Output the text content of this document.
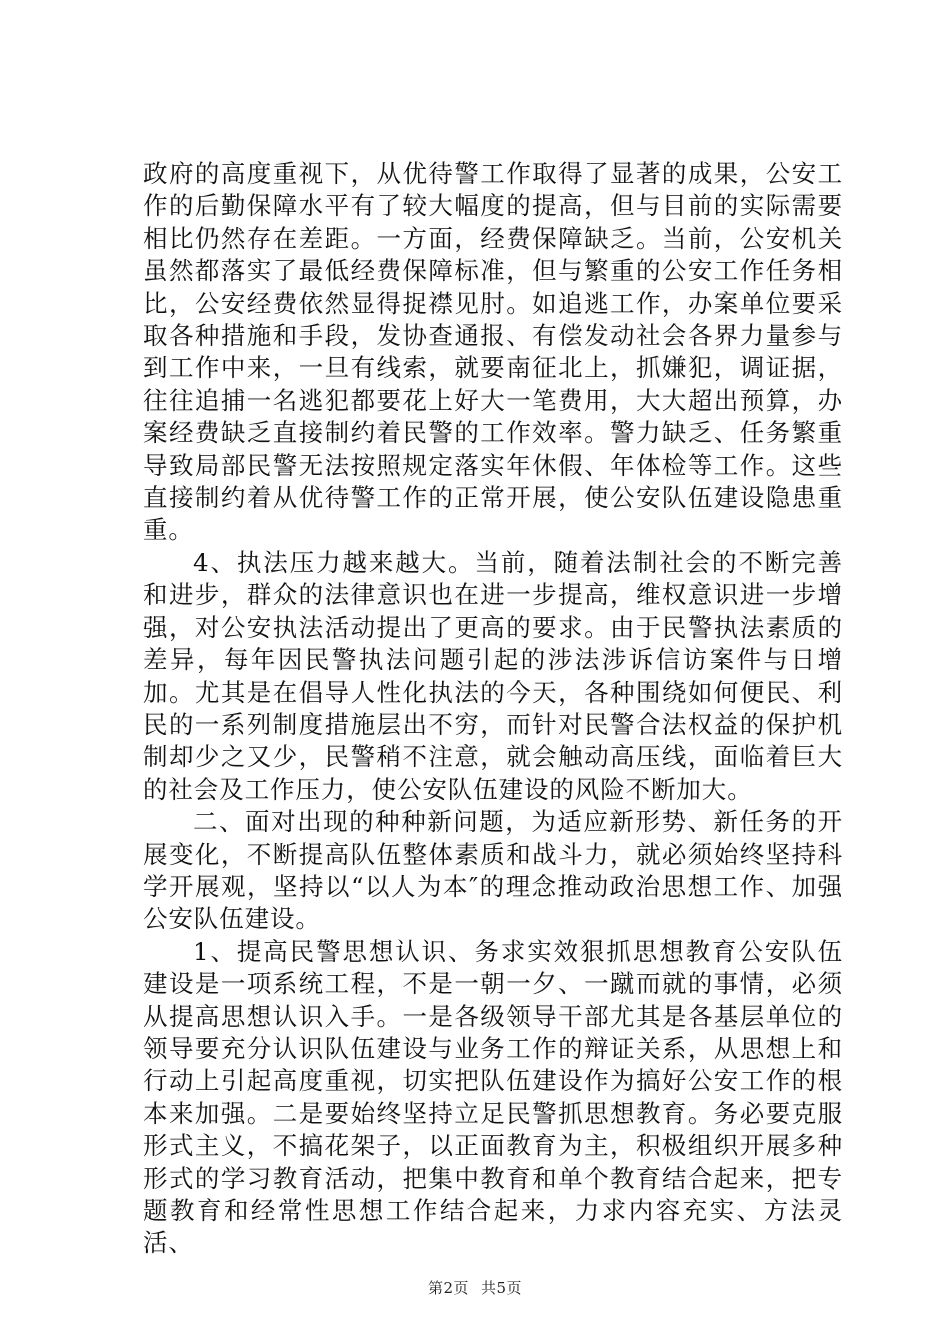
政府的高度重视下，从优待警工作取得了显著的成果，公安工作的后勤保障水平有了较大幅度的提高，但与目前的实际需要相比仍然存在差距。一方面，经费保障缺乏。当前，公安机关虽然都落实了最低经费保障标准，但与繁重的公安工作任务相比，公安经费依然显得捉襟见肘。如追逃工作，办案单位要采取各种措施和手段，发协查通报、有偿发动社会各界力量参与到工作中来，一旦有线索，就要南征北上，抓嫌犯，调证据，往往追捕一名逃犯都要花上好大一笔费用，大大超出预算，办案经费缺乏直接制约着民警的工作效率。警力缺乏、任务繁重导致局部民警无法按照规定落实年休假、年体检等工作。这些直接制约着从优待警工作的正常开展，使公安队伍建设隐患重重。

4、执法压力越来越大。当前，随着法制社会的不断完善和进步，群众的法律意识也在进一步提高，维权意识进一步增强，对公安执法活动提出了更高的要求。由于民警执法素质的差异，每年因民警执法问题引起的涉法涉诉信访案件与日增加。尤其是在倡导人性化执法的今天，各种围绕如何便民、利民的一系列制度措施层出不穷，而针对民警合法权益的保护机制却少之又少，民警稍不注意，就会触动高压线，面临着巨大的社会及工作压力，使公安队伍建设的风险不断加大。

二、面对出现的种种新问题，为适应新形势、新任务的开展变化，不断提高队伍整体素质和战斗力，就必须始终坚持科学开展观，坚持以“以人为本″的理念推动政治思想工作、加强公安队伍建设。

1、提高民警思想认识、务求实效狠抓思想教育公安队伍建设是一项系统工程，不是一朝一夕、一蹴而就的事情，必须从提高思想认识入手。一是各级领导干部尤其是各基层单位的领导要充分认识队伍建设与业务工作的辩证关系，从思想上和行动上引起高度重视，切实把队伍建设作为搞好公安工作的根本来加强。二是要始终坚持立足民警抓思想教育。务必要克服形式主义，不搞花架子，以正面教育为主，积极组织开展多种形式的学习教育活动，把集中教育和单个教育结合起来，把专题教育和经常性思想工作结合起来，力求内容充实、方法灵活、

第2页 共5页
